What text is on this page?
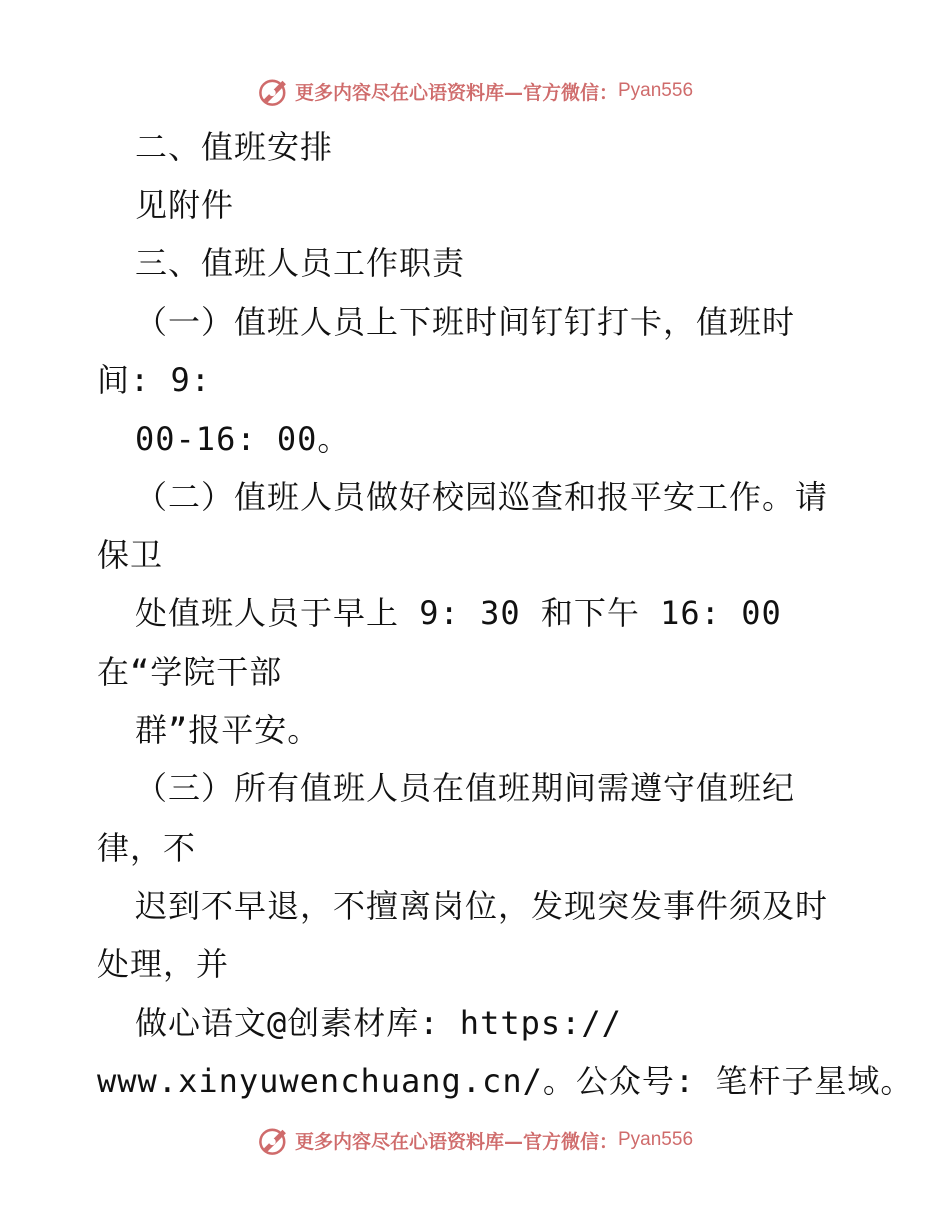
更多内容尽在心语资料库—官方微信： Pyan556
二、值班安排
见附件
三、值班人员工作职责
（一）值班人员上下班时间钉钉打卡，值班时
间: 9:
00-16: 00。
（二）值班人员做好校园巡查和报平安工作。请
保卫
处值班人员于早上 9: 30 和下午 16: 00
在“学院干部
群”报平安。
（三）所有值班人员在值班期间需遵守值班纪
律，不
迟到不早退，不擅离岗位，发现突发事件须及时
处理，并
做心语文@创素材库: https://
www.xinyuwenchuang.cn/。公众号: 笔杆子星域。
更多内容尽在心语资料库—官方微信： Pyan556
